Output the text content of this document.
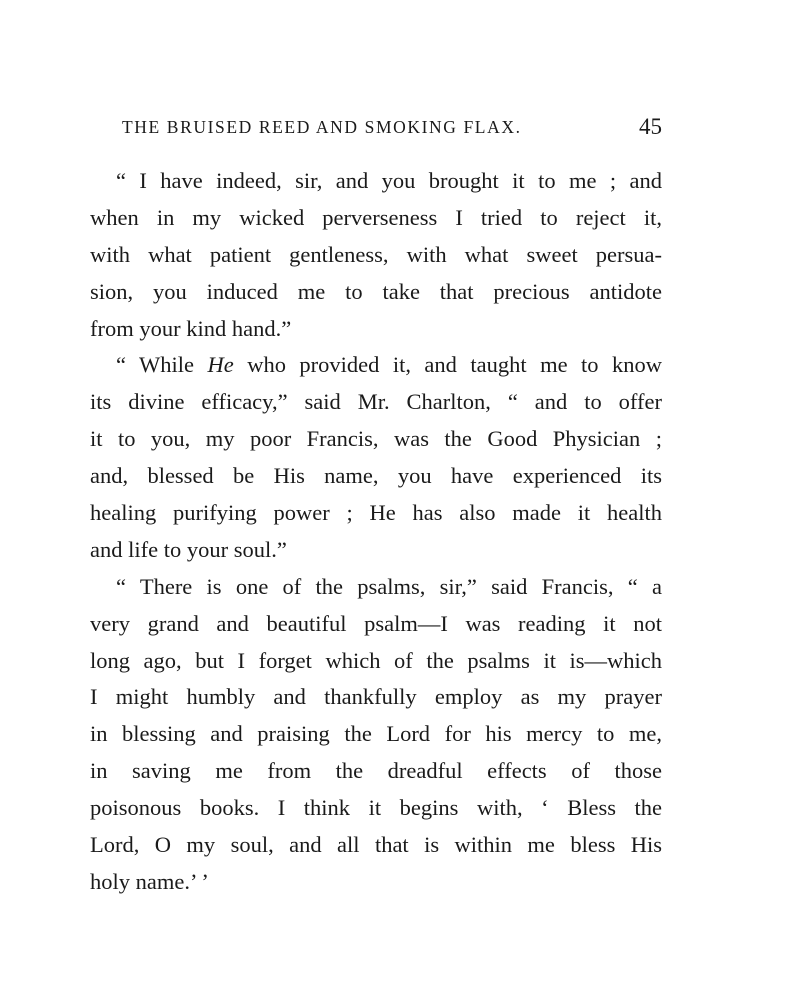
THE BRUISED REED AND SMOKING FLAX.	45
“ I have indeed, sir, and you brought it to me ; and
when in my wicked perverseness I tried to reject it,
with what patient gentleness, with what sweet persua-
sion, you induced me to take that precious antidote
from your kind hand.”
“ While He who provided it, and taught me to know
its divine efficacy,” said Mr. Charlton, “ and to offer
it to you, my poor Francis, was the Good Physician ;
and, blessed be His name, you have experienced its
healing purifying power ; He has also made it health
and life to your soul.”
“ There is one of the psalms, sir,” said Francis, “ a
very grand and beautiful psalm—I was reading it not
long ago, but I forget which of the psalms it is—which
I might humbly and thankfully employ as my prayer
in blessing and praising the Lord for his mercy to me,
in saving me from the dreadful effects of those
poisonous books. I think it begins with, ‘ Bless the
Lord, O my soul, and all that is within me bless His
holy name.’ ’
